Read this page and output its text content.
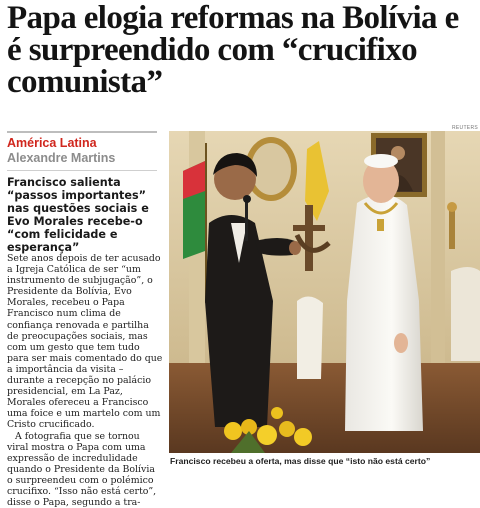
Papa elogia reformas na Bolívia e é surpreendido com “crucifixo comunista”
América Latina
Alexandre Martins

Francisco salienta “passos importantes” nas questões sociais e Evo Morales recebe-o “com felicidade e esperança”

Sete anos depois de ter acusado a Igreja Católica de ser “um instrumento de subjugação”, o Presidente da Bolívia, Evo Morales, recebeu o Papa Francisco num clima de confiança renovada e partilha de preocupações sociais, mas com um gesto que tem tudo para ser mais comentado do que a importância da visita – durante a recepção no palácio presidencial, em La Paz, Morales ofereceu a Francisco uma foice e um martelo com um Cristo crucificado.

A fotografia que se tornou viral mostra o Papa com uma expressão de incredulidade quando o Presidente da Bolívia o surpreendeu com o polémico crucifixo. “Isso não está certo”, disse o Papa, segundo a tra-

REUTERS
Francisco recebeu a oferta, mas disse que “isto não está certo”
